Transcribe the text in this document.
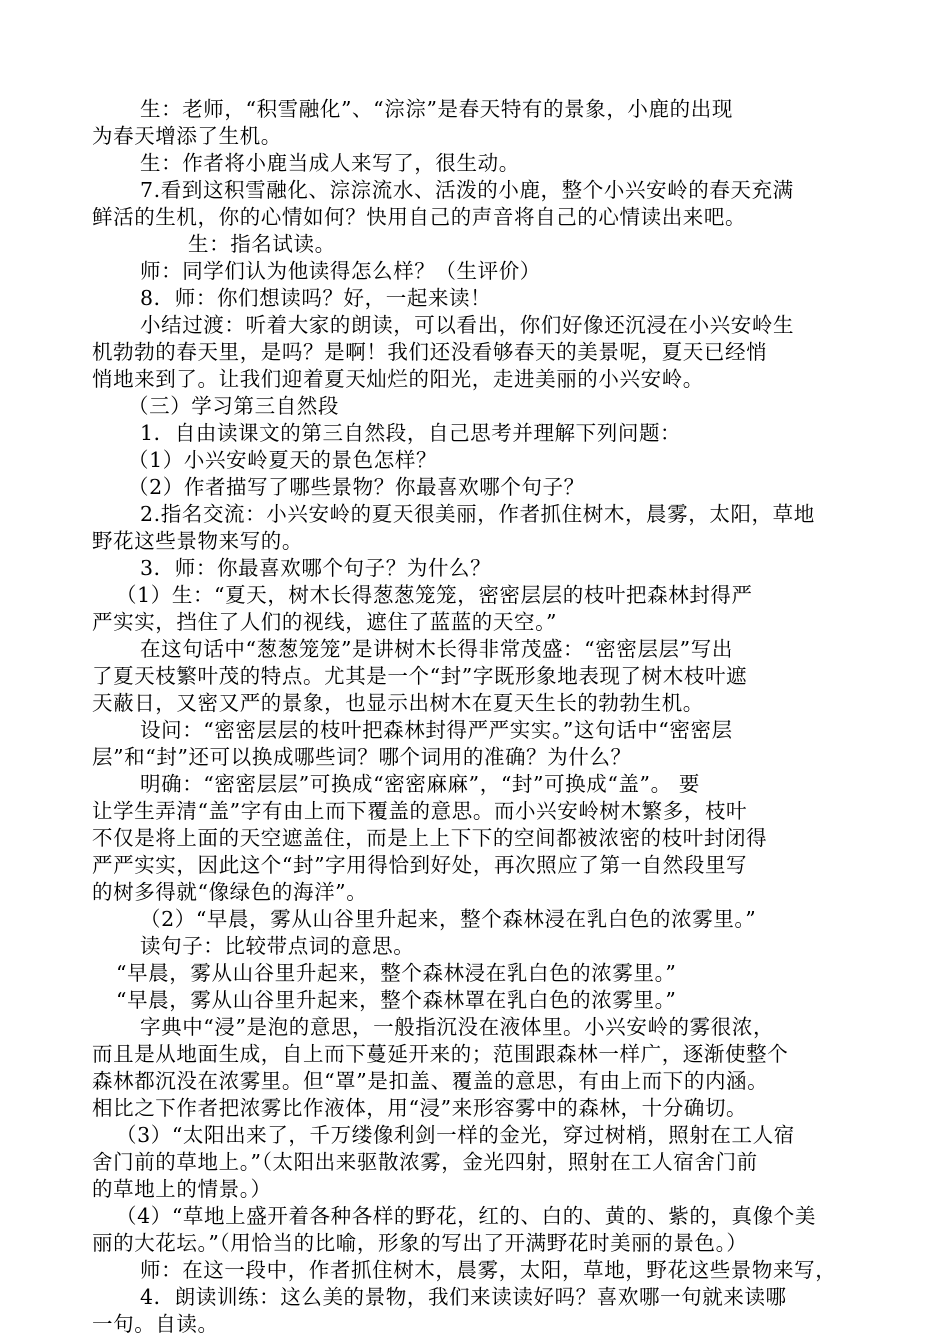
生：老师，“积雪融化”、“淙淙”是春天特有的景象，小鹿的出现
为春天增添了生机。
生：作者将小鹿当成人来写了，很生动。
7.看到这积雪融化、淙淙流水、活泼的小鹿，整个小兴安岭的春天充满
鲜活的生机，你的心情如何？快用自己的声音将自己的心情读出来吧。
生：指名试读。
师：同学们认为他读得怎么样？（生评价）
8．师：你们想读吗？好，一起来读！
小结过渡：听着大家的朗读，可以看出，你们好像还沉浸在小兴安岭生
机勃勃的春天里，是吗？是啊！我们还没看够春天的美景呢，夏天已经悄
悄地来到了。让我们迎着夏天灿烂的阳光，走进美丽的小兴安岭。
（三）学习第三自然段
1．自由读课文的第三自然段，自己思考并理解下列问题：
（1）小兴安岭夏天的景色怎样？
（2）作者描写了哪些景物？你最喜欢哪个句子？
2.指名交流：小兴安岭的夏天很美丽，作者抓住树木，晨雾，太阳，草地
野花这些景物来写的。
3．师：你最喜欢哪个句子？为什么？
（1）生：“夏天，树木长得葱葱笼笼，密密层层的枝叶把森林封得严
严实实，挡住了人们的视线，遮住了蓝蓝的天空。”
在这句话中“葱葱笼笼”是讲树木长得非常茂盛：“密密层层”写出
了夏天枝繁叶茂的特点。尤其是一个“封”字既形象地表现了树木枝叶遮
天蔽日，又密又严的景象，也显示出树木在夏天生长的勃勃生机。
设问：“密密层层的枝叶把森林封得严严实实。”这句话中“密密层
层”和“封”还可以换成哪些词？哪个词用的准确？为什么？
明确：“密密层层”可换成“密密麻麻”，“封”可换成“盖”。 要
让学生弄清“盖”字有由上而下覆盖的意思。而小兴安岭树木繁多，枝叶
不仅是将上面的天空遮盖住，而是上上下下的空间都被浓密的枝叶封闭得
严严实实，因此这个“封”字用得恰到好处，再次照应了第一自然段里写
的树多得就“像绿色的海洋”。
（2）“早晨，雾从山谷里升起来，整个森林浸在乳白色的浓雾里。”
读句子：比较带点词的意思。
“早晨，雾从山谷里升起来，整个森林浸在乳白色的浓雾里。”
“早晨，雾从山谷里升起来，整个森林罩在乳白色的浓雾里。”
字典中“浸”是泡的意思，一般指沉没在液体里。小兴安岭的雾很浓，
而且是从地面生成，自上而下蔓延开来的；范围跟森林一样广，逐渐使整个
森林都沉没在浓雾里。但“罩”是扣盖、覆盖的意思，有由上而下的内涵。
相比之下作者把浓雾比作液体，用“浸”来形容雾中的森林，十分确切。
（3）“太阳出来了，千万缕像利剑一样的金光，穿过树梢，照射在工人宿
舍门前的草地上。”（太阳出来驱散浓雾，金光四射，照射在工人宿舍门前
的草地上的情景。）
（4）“草地上盛开着各种各样的野花，红的、白的、黄的、紫的，真像个美
丽的大花坛。”（用恰当的比喻，形象的写出了开满野花时美丽的景色。）
师：在这一段中，作者抓住树木，晨雾，太阳，草地，野花这些景物来写，
4．朗读训练：这么美的景物，我们来读读好吗？喜欢哪一句就来读哪
一句。自读。
